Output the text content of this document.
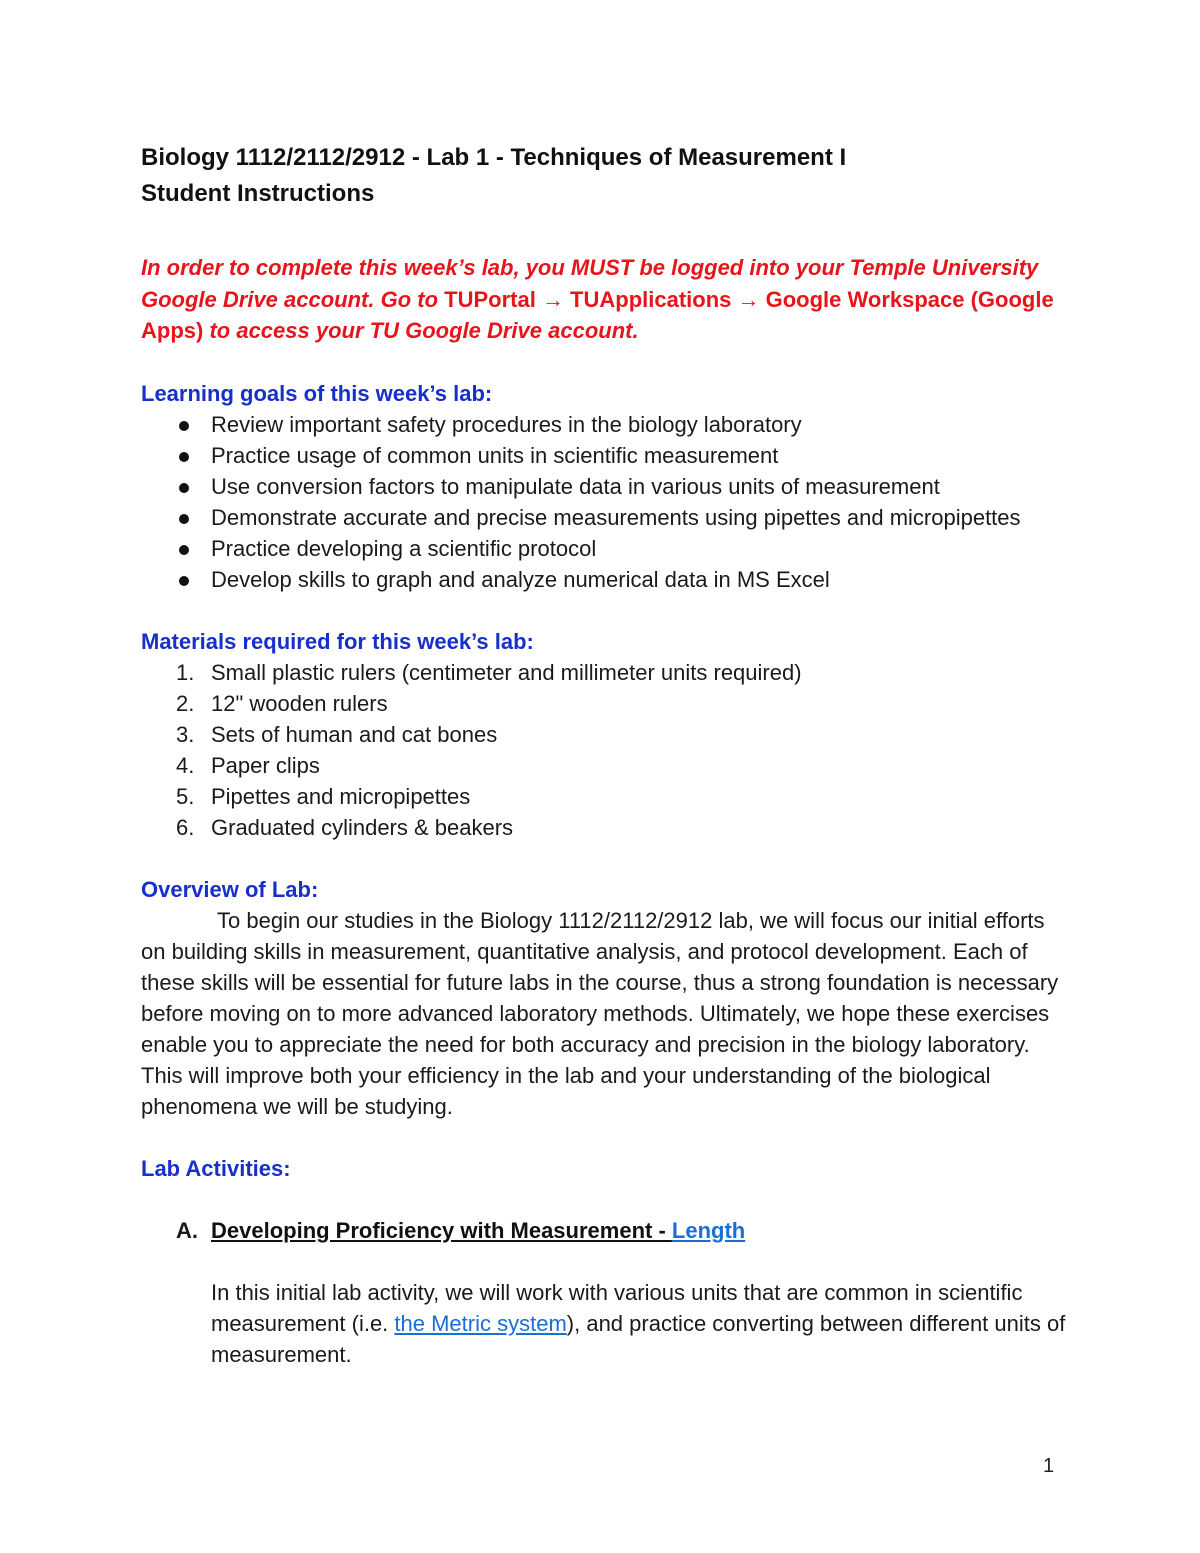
Biology 1112/2112/2912 - Lab 1 - Techniques of Measurement I
Student Instructions
In order to complete this week’s lab, you MUST be logged into your Temple University Google Drive account. Go to TUPortal → TUApplications → Google Workspace (Google Apps) to access your TU Google Drive account.

Learning goals of this week’s lab:

Review important safety procedures in the biology laboratory
Practice usage of common units in scientific measurement
Use conversion factors to manipulate data in various units of measurement
Demonstrate accurate and precise measurements using pipettes and micropipettes
Practice developing a scientific protocol
Develop skills to graph and analyze numerical data in MS Excel

Materials required for this week’s lab:

1. Small plastic rulers (centimeter and millimeter units required)
2. 12" wooden rulers
3. Sets of human and cat bones
4. Paper clips
5. Pipettes and micropipettes
6. Graduated cylinders & beakers

Overview of Lab:

To begin our studies in the Biology 1112/2112/2912 lab, we will focus our initial efforts on building skills in measurement, quantitative analysis, and protocol development. Each of these skills will be essential for future labs in the course, thus a strong foundation is necessary before moving on to more advanced laboratory methods. Ultimately, we hope these exercises enable you to appreciate the need for both accuracy and precision in the biology laboratory. This will improve both your efficiency in the lab and your understanding of the biological phenomena we will be studying.

Lab Activities:

A. Developing Proficiency with Measurement - Length
In this initial lab activity, we will work with various units that are common in scientific measurement (i.e. the Metric system), and practice converting between different units of measurement.
1
